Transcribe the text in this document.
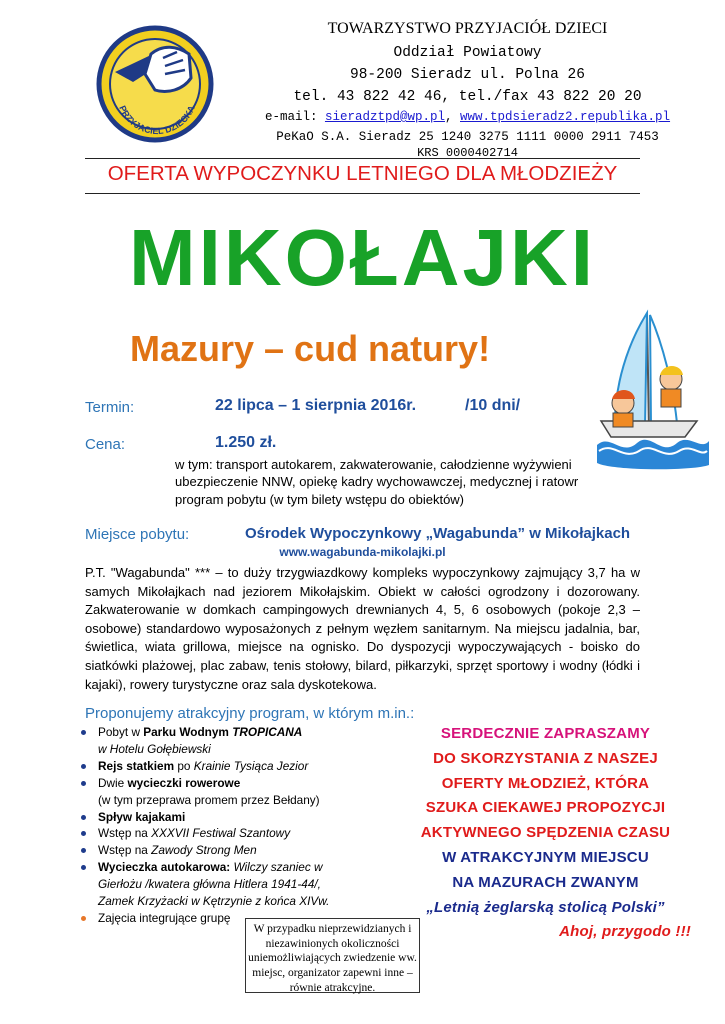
PRZYJACIEL DZIECKA
TOWARZYSTWO PRZYJACIÓŁ DZIECI
Oddział Powiatowy
98-200 Sieradz ul. Polna 26
tel. 43 822 42 46, tel./fax 43 822 20 20
e-mail: sieradztpd@wp.pl, www.tpdsieradz2.republika.pl
PeKaO S.A. Sieradz 25 1240 3275 1111 0000 2911 7453
KRS 0000402714
OFERTA WYPOCZYNKU LETNIEGO DLA MŁODZIEŻY
MIKOŁAJKI
Mazury – cud natury!
Termin:	22 lipca – 1 sierpnia 2016r.	/10 dni/
Cena:	1.250 zł.
w tym: transport autokarem, zakwaterowanie, całodzienne wyżywieni
ubezpieczenie NNW, opiekę kadry wychowawczej, medycznej i ratowr
program pobytu (w tym bilety wstępu do obiektów)
Miejsce pobytu:	Ośrodek Wypoczynkowy „Wagabunda” w Mikołajkach
www.wagabunda-mikolajki.pl
P.T. "Wagabunda" *** – to duży trzygwiazdkowy kompleks wypoczynkowy zajmujący 3,7 ha w samych Mikołajkach nad jeziorem Mikołajskim. Obiekt w całości ogrodzony i dozorowany. Zakwaterowanie w domkach campingowych drewnianych 4, 5, 6 osobowych (pokoje 2,3 – osobowe) standardowo wyposażonych z pełnym węzłem sanitarnym. Na miejscu jadalnia, bar, świetlica, wiata grillowa, miejsce na ognisko. Do dyspozycji wypoczywających - boisko do siatkówki plażowej, plac zabaw, tenis stołowy, bilard, piłkarzyki, sprzęt sportowy i wodny (łódki i kajaki), rowery turystyczne oraz sala dyskotekowa.
Proponujemy atrakcyjny program, w którym m.in.:
Pobyt w Parku Wodnym TROPICANA
w Hotelu Gołębiewski
Rejs statkiem po Krainie Tysiąca Jezior
Dwie wycieczki rowerowe
(w tym przeprawa promem przez Bełdany)
Spływ kajakami
Wstęp na XXXVII Festiwal Szantowy
Wstęp na Zawody Strong Men
Wycieczka autokarowa: Wilczy szaniec w
Gierłożu /kwatera główna Hitlera 1941-44/,
Zamek Krzyżacki w Kętrzynie z końca XIVw.
Zajęcia integrujące grupę
SERDECZNIE ZAPRASZAMY
DO SKORZYSTANIA Z NASZEJ
OFERTY MŁODZIEŻ, KTÓRA
SZUKA CIEKAWEJ PROPOZYCJI
AKTYWNEGO SPĘDZENIA CZASU
W ATRAKCYJNYM MIEJSCU
NA MAZURACH ZWANYM
„Letnią żeglarską stolicą Polski”
Ahoj, przygodo !!!
W przypadku nieprzewidzianych i niezawinionych okoliczności uniemożliwiających zwiedzenie ww. miejsc, organizator zapewni inne – równie atrakcyjne.
